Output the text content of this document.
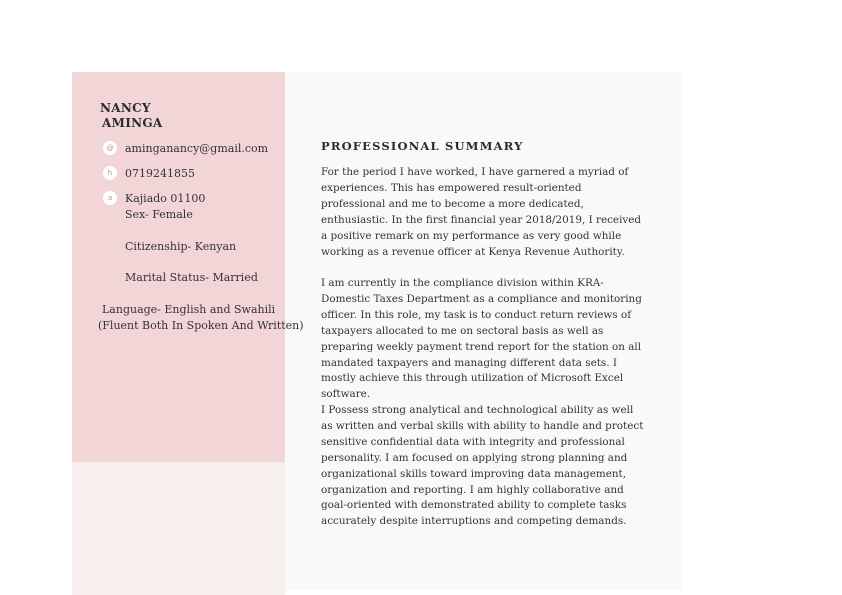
NANCY
AMINGA
@	aminganancy@gmail.com
h	0719241855
a	Kajiado 01100
Sex- Female
Citizenship- Kenyan
Marital Status- Married
Language- English and Swahili
(Fluent Both In Spoken And Written)
PROFESSIONAL SUMMARY

For the period I have worked, I have garnered a myriad of experiences. This has empowered result-oriented professional and me to become a more dedicated, enthusiastic. In the first financial year 2018/2019, I received a positive remark on my performance as very good while working as a revenue officer at Kenya Revenue Authority.

I am currently in the compliance division within KRA- Domestic Taxes Department as a compliance and monitoring officer. In this role, my task is to conduct return reviews of taxpayers allocated to me on sectoral basis as well as preparing weekly payment trend report for the station on all mandated taxpayers and managing different data sets. I mostly achieve this through utilization of Microsoft Excel software.

I Possess strong analytical and technological ability as well as written and verbal skills with ability to handle and protect sensitive confidential data with integrity and professional personality. I am focused on applying strong planning and organizational skills toward improving data management, organization and reporting. I am highly collaborative and goal-oriented with demonstrated ability to complete tasks accurately despite interruptions and competing demands.
